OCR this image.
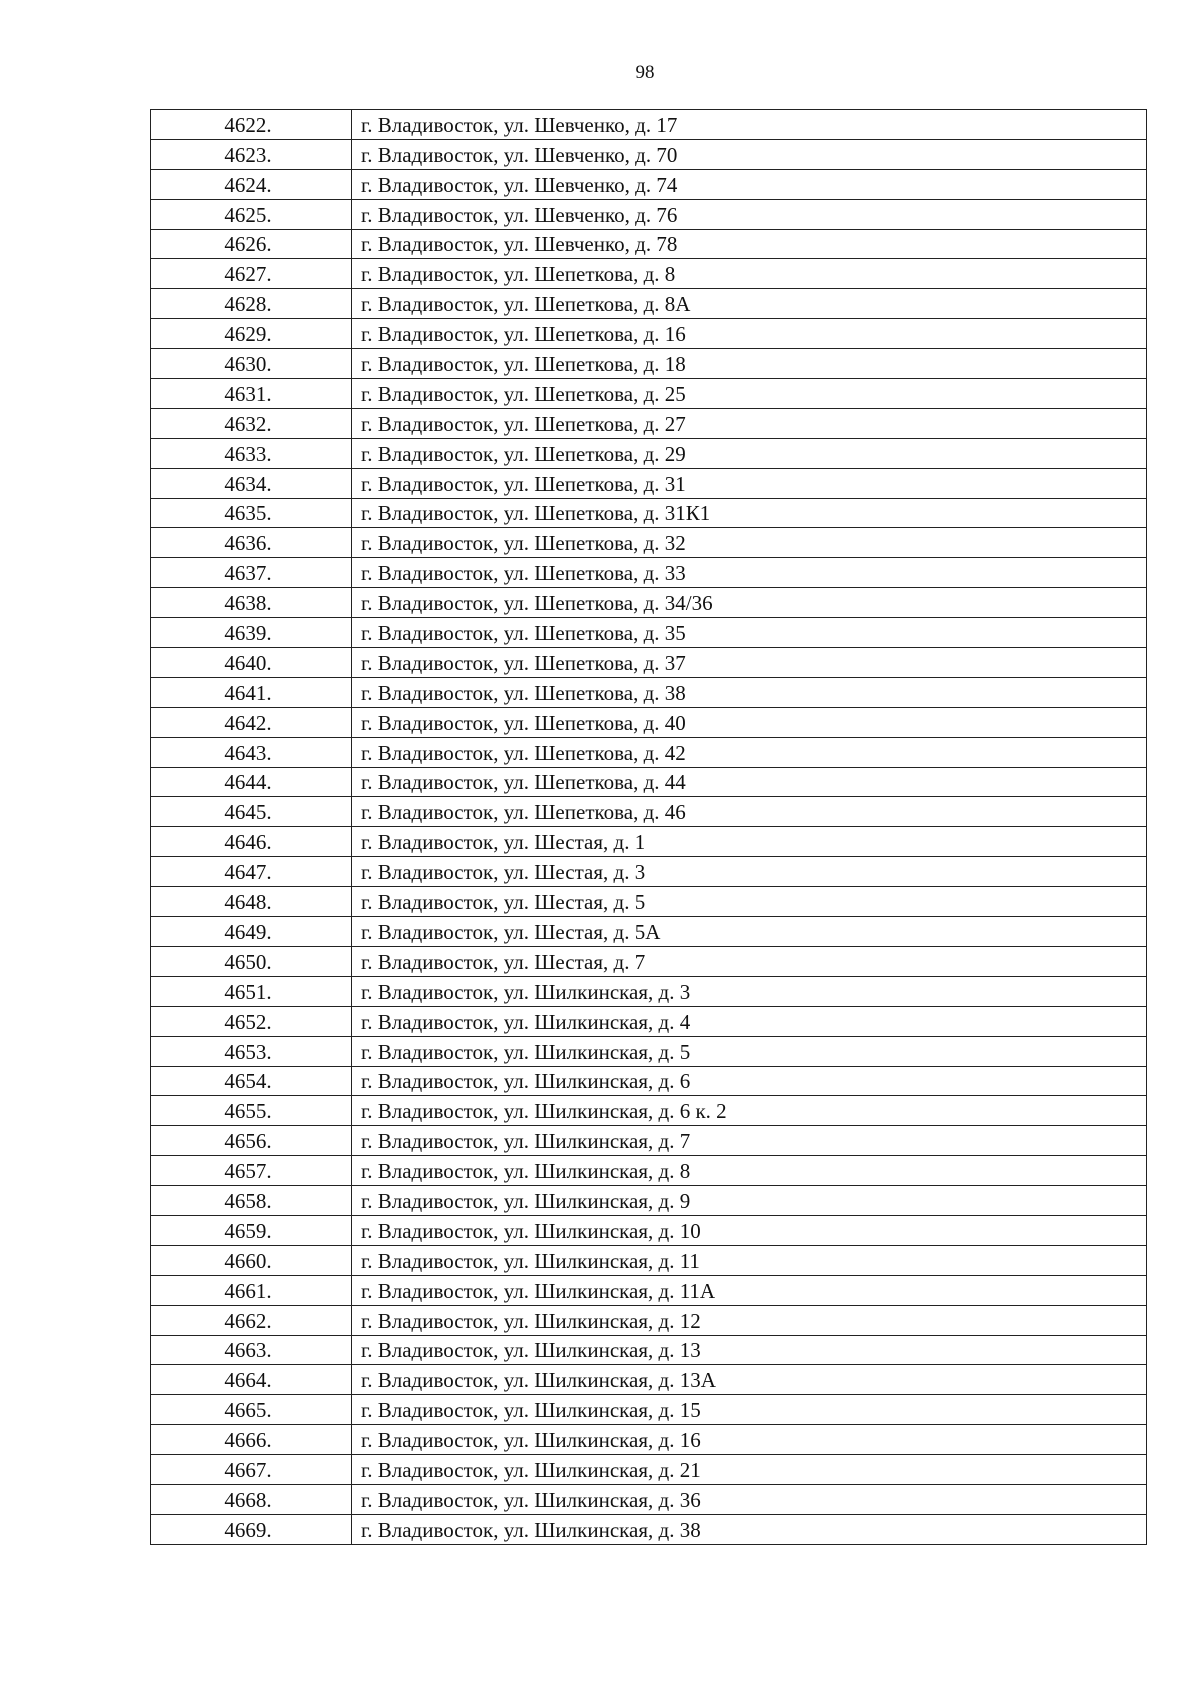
98
4622.	г. Владивосток, ул. Шевченко, д. 17
4623.	г. Владивосток, ул. Шевченко, д. 70
4624.	г. Владивосток, ул. Шевченко, д. 74
4625.	г. Владивосток, ул. Шевченко, д. 76
4626.	г. Владивосток, ул. Шевченко, д. 78
4627.	г. Владивосток, ул. Шепеткова, д. 8
4628.	г. Владивосток, ул. Шепеткова, д. 8А
4629.	г. Владивосток, ул. Шепеткова, д. 16
4630.	г. Владивосток, ул. Шепеткова, д. 18
4631.	г. Владивосток, ул. Шепеткова, д. 25
4632.	г. Владивосток, ул. Шепеткова, д. 27
4633.	г. Владивосток, ул. Шепеткова, д. 29
4634.	г. Владивосток, ул. Шепеткова, д. 31
4635.	г. Владивосток, ул. Шепеткова, д. 31К1
4636.	г. Владивосток, ул. Шепеткова, д. 32
4637.	г. Владивосток, ул. Шепеткова, д. 33
4638.	г. Владивосток, ул. Шепеткова, д. 34/36
4639.	г. Владивосток, ул. Шепеткова, д. 35
4640.	г. Владивосток, ул. Шепеткова, д. 37
4641.	г. Владивосток, ул. Шепеткова, д. 38
4642.	г. Владивосток, ул. Шепеткова, д. 40
4643.	г. Владивосток, ул. Шепеткова, д. 42
4644.	г. Владивосток, ул. Шепеткова, д. 44
4645.	г. Владивосток, ул. Шепеткова, д. 46
4646.	г. Владивосток, ул. Шестая, д. 1
4647.	г. Владивосток, ул. Шестая, д. 3
4648.	г. Владивосток, ул. Шестая, д. 5
4649.	г. Владивосток, ул. Шестая, д. 5А
4650.	г. Владивосток, ул. Шестая, д. 7
4651.	г. Владивосток, ул. Шилкинская, д. 3
4652.	г. Владивосток, ул. Шилкинская, д. 4
4653.	г. Владивосток, ул. Шилкинская, д. 5
4654.	г. Владивосток, ул. Шилкинская, д. 6
4655.	г. Владивосток, ул. Шилкинская, д. 6 к. 2
4656.	г. Владивосток, ул. Шилкинская, д. 7
4657.	г. Владивосток, ул. Шилкинская, д. 8
4658.	г. Владивосток, ул. Шилкинская, д. 9
4659.	г. Владивосток, ул. Шилкинская, д. 10
4660.	г. Владивосток, ул. Шилкинская, д. 11
4661.	г. Владивосток, ул. Шилкинская, д. 11А
4662.	г. Владивосток, ул. Шилкинская, д. 12
4663.	г. Владивосток, ул. Шилкинская, д. 13
4664.	г. Владивосток, ул. Шилкинская, д. 13А
4665.	г. Владивосток, ул. Шилкинская, д. 15
4666.	г. Владивосток, ул. Шилкинская, д. 16
4667.	г. Владивосток, ул. Шилкинская, д. 21
4668.	г. Владивосток, ул. Шилкинская, д. 36
4669.	г. Владивосток, ул. Шилкинская, д. 38
